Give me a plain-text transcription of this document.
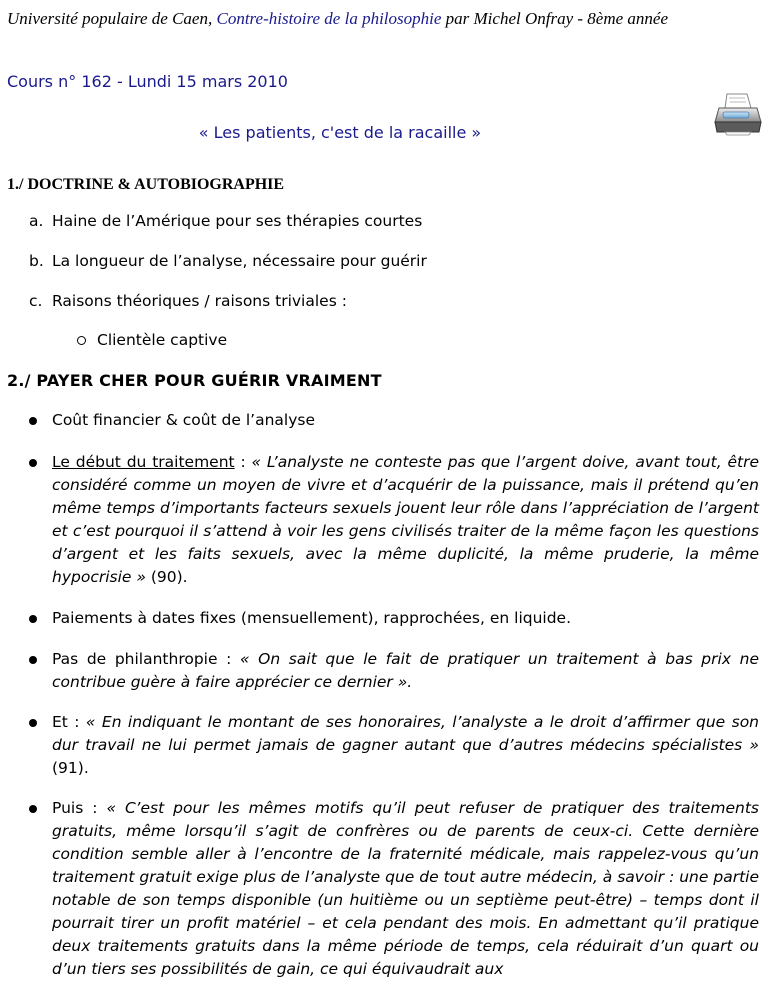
Université populaire de Caen, Contre-histoire de la philosophie par Michel Onfray - 8ème année
Cours n° 162 - Lundi 15 mars 2010
« Les patients, c'est de la racaille »
1./ DOCTRINE & AUTOBIOGRAPHIE
a. Haine de l’Amérique pour ses thérapies courtes
b. La longueur de l’analyse, nécessaire pour guérir
c. Raisons théoriques / raisons triviales :
Clientèle captive
2./ PAYER CHER POUR GUÉRIR VRAIMENT
Coût financier & coût de l’analyse
Le début du traitement : « L’analyste ne conteste pas que l’argent doive, avant tout, être considéré comme un moyen de vivre et d’acquérir de la puissance, mais il prétend qu’en même temps d’importants facteurs sexuels jouent leur rôle dans l’appréciation de l’argent et c’est pourquoi il s’attend à voir les gens civilisés traiter de la même façon les questions d’argent et les faits sexuels, avec la même duplicité, la même pruderie, la même hypocrisie » (90).
Paiements à dates fixes (mensuellement), rapprochées, en liquide.
Pas de philanthropie : « On sait que le fait de pratiquer un traitement à bas prix ne contribue guère à faire apprécier ce dernier ».
Et : « En indiquant le montant de ses honoraires, l’analyste a le droit d’affirmer que son dur travail ne lui permet jamais de gagner autant que d’autres médecins spécialistes » (91).
Puis : « C’est pour les mêmes motifs qu’il peut refuser de pratiquer des traitements gratuits, même lorsqu’il s’agit de confrères ou de parents de ceux-ci. Cette dernière condition semble aller à l’encontre de la fraternité médicale, mais rappelez-vous qu’un traitement gratuit exige plus de l’analyste que de tout autre médecin, à savoir : une partie notable de son temps disponible (un huitième ou un septième peut-être) – temps dont il pourrait tirer un profit matériel – et cela pendant des mois. En admettant qu’il pratique deux traitements gratuits dans la même période de temps, cela réduirait d’un quart ou d’un tiers ses possibilités de gain, ce qui équivaudrait aux
